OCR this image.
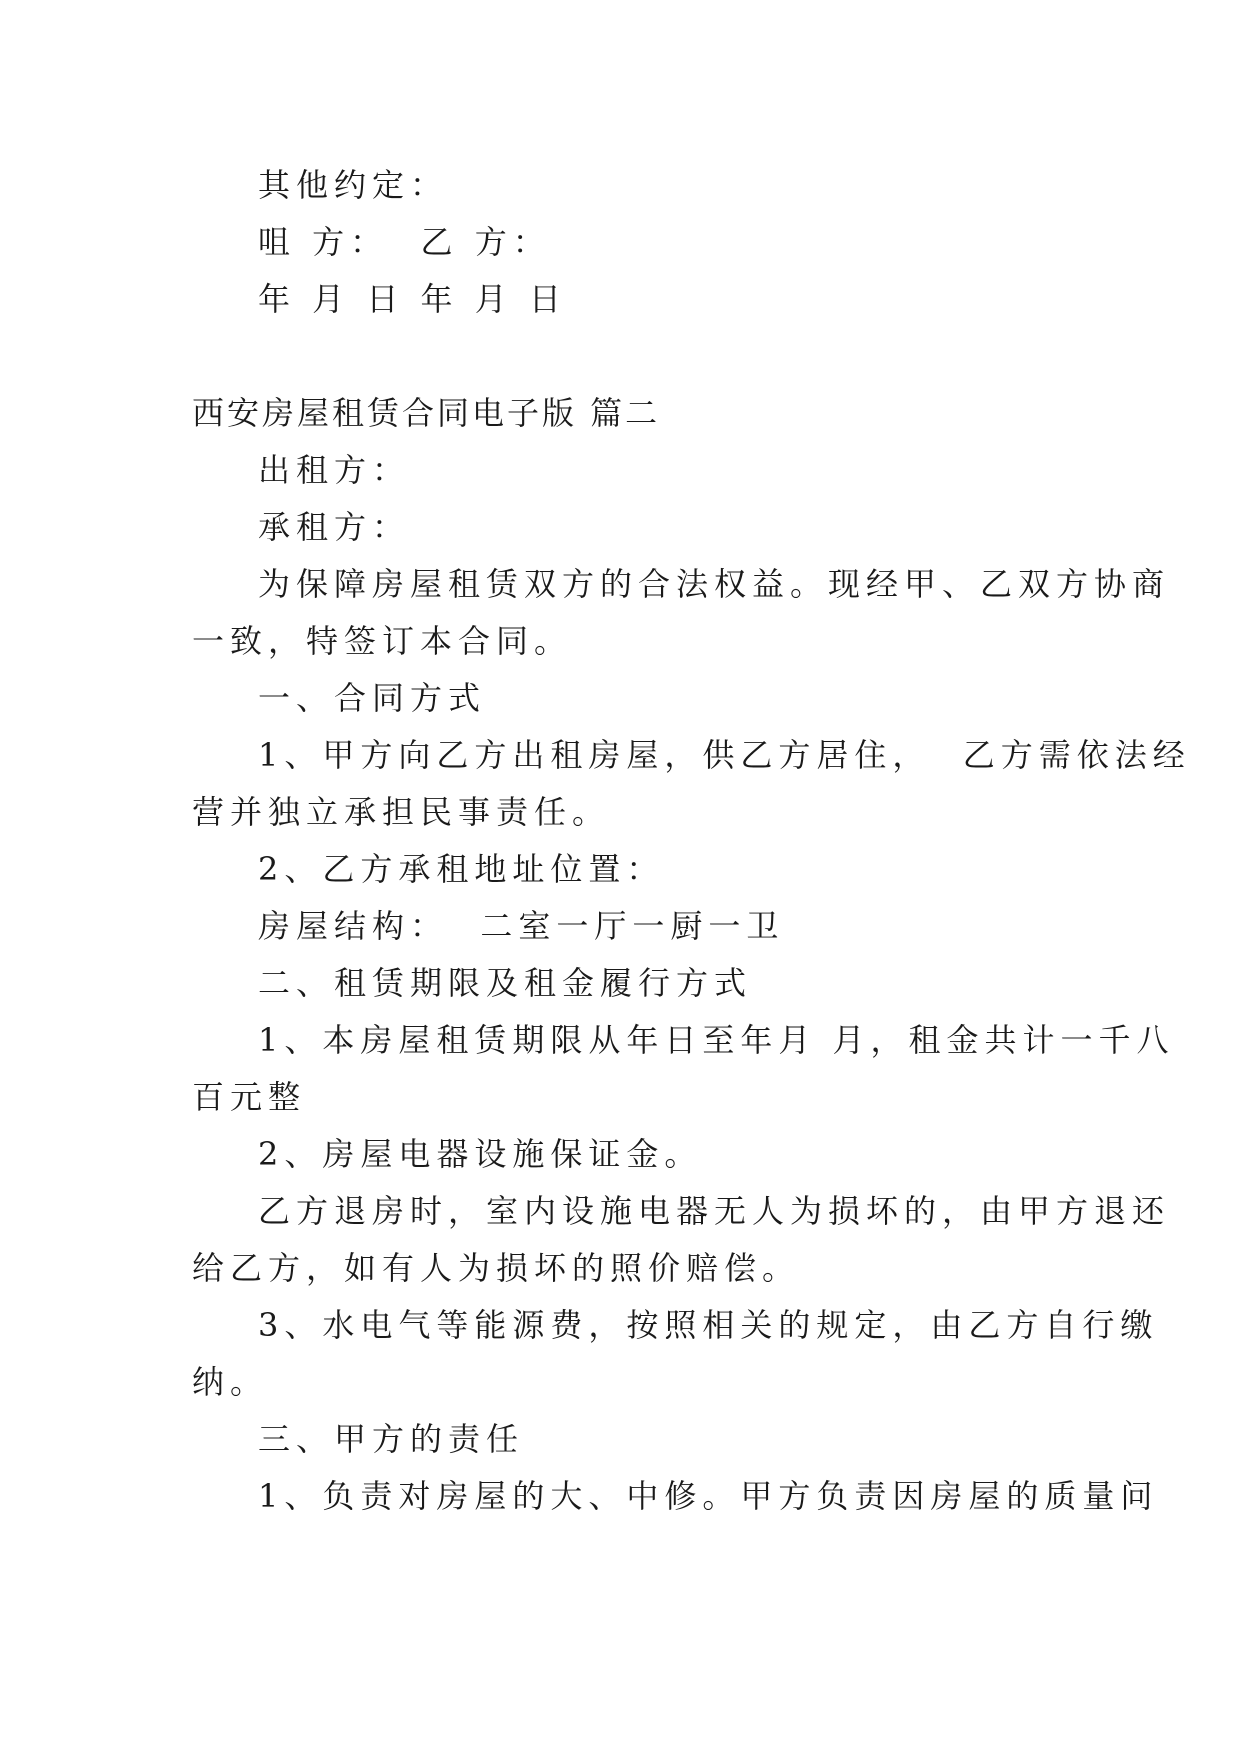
其他约定：
咀 方：  乙 方：
年 月 日 年 月 日
西安房屋租赁合同电子版 篇二
出租方：
承租方：
为保障房屋租赁双方的合法权益。现经甲、乙双方协商
一致，特签订本合同。
一、合同方式
1、甲方向乙方出租房屋，供乙方居住，  乙方需依法经
营并独立承担民事责任。
2、乙方承租地址位置：
房屋结构：  二室一厅一厨一卫
二、租赁期限及租金履行方式
1、本房屋租赁期限从年日至年月 月，租金共计一千八
百元整
2、房屋电器设施保证金。
乙方退房时，室内设施电器无人为损坏的，由甲方退还
给乙方，如有人为损坏的照价赔偿。
3、水电气等能源费，按照相关的规定，由乙方自行缴
纳。
三、甲方的责任
1、负责对房屋的大、中修。甲方负责因房屋的质量问
